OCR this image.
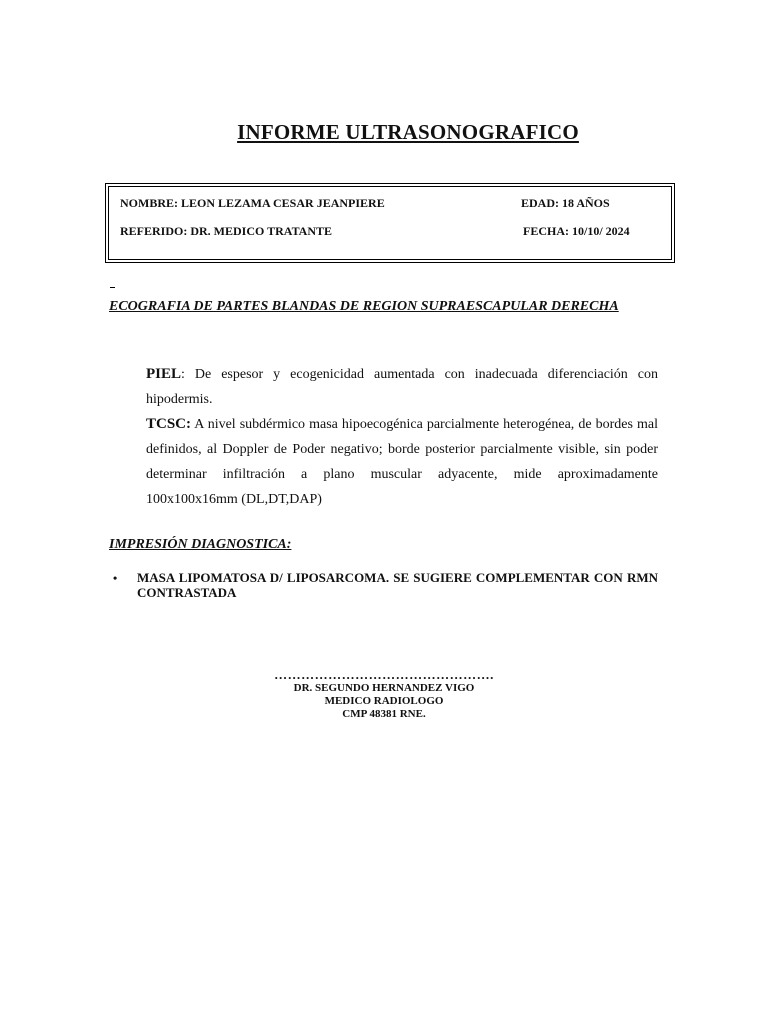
INFORME ULTRASONOGRAFICO
NOMBRE: LEON LEZAMA CESAR JEANPIERE	EDAD: 18 AÑOS
REFERIDO: DR. MEDICO TRATANTE	FECHA: 10/10/ 2024
ECOGRAFIA DE PARTES BLANDAS DE REGION SUPRAESCAPULAR DERECHA

PIEL: De espesor y ecogenicidad aumentada con inadecuada diferenciación con hipodermis.

TCSC: A nivel subdérmico masa hipoecogénica parcialmente heterogénea, de bordes mal definidos, al Doppler de Poder negativo; borde posterior parcialmente visible, sin poder determinar infiltración a plano muscular adyacente, mide aproximadamente 100x100x16mm (DL,DT,DAP)

IMPRESIÓN DIAGNOSTICA:
• MASA LIPOMATOSA D/ LIPOSARCOMA. SE SUGIERE COMPLEMENTAR CON RMN CONTRASTADA
………………………………………….
DR. SEGUNDO HERNANDEZ VIGO
MEDICO RADIOLOGO
CMP 48381 RNE.
